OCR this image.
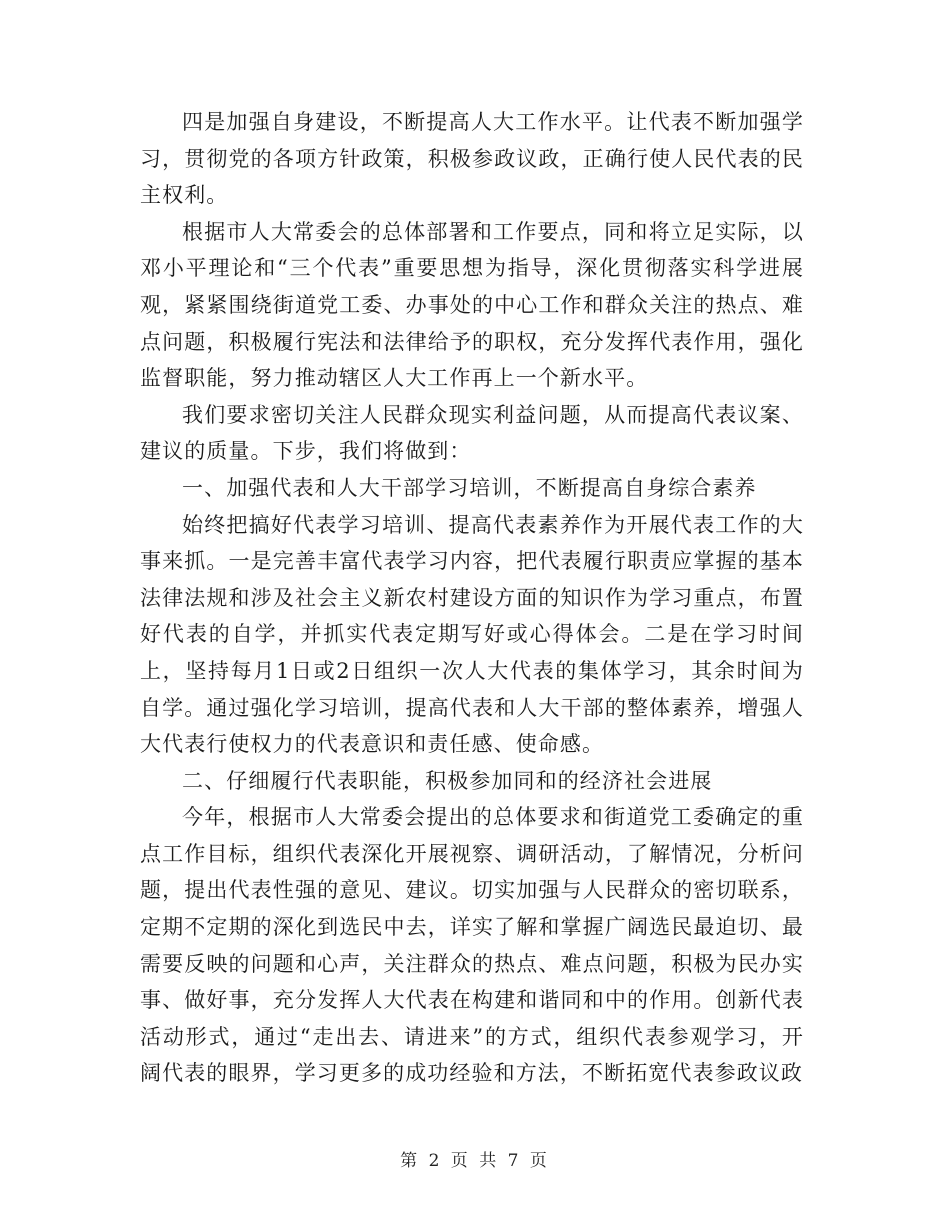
四是加强自身建设，不断提高人大工作水平。让代表不断加强学习，贯彻党的各项方针政策，积极参政议政，正确行使人民代表的民主权利。

根据市人大常委会的总体部署和工作要点，同和将立足实际，以邓小平理论和“三个代表”重要思想为指导，深化贯彻落实科学进展观，紧紧围绕街道党工委、办事处的中心工作和群众关注的热点、难点问题，积极履行宪法和法律给予的职权，充分发挥代表作用，强化监督职能，努力推动辖区人大工作再上一个新水平。

我们要求密切关注人民群众现实利益问题，从而提高代表议案、建议的质量。下步，我们将做到：

一、加强代表和人大干部学习培训，不断提高自身综合素养

始终把搞好代表学习培训、提高代表素养作为开展代表工作的大事来抓。一是完善丰富代表学习内容，把代表履行职责应掌握的基本法律法规和涉及社会主义新农村建设方面的知识作为学习重点，布置好代表的自学，并抓实代表定期写好或心得体会。二是在学习时间上，坚持每月1日或2日组织一次人大代表的集体学习，其余时间为自学。通过强化学习培训，提高代表和人大干部的整体素养，增强人大代表行使权力的代表意识和责任感、使命感。

二、仔细履行代表职能，积极参加同和的经济社会进展

今年，根据市人大常委会提出的总体要求和街道党工委确定的重点工作目标，组织代表深化开展视察、调研活动，了解情况，分析问题，提出代表性强的意见、建议。切实加强与人民群众的密切联系，定期不定期的深化到选民中去，详实了解和掌握广阔选民最迫切、最需要反映的问题和心声，关注群众的热点、难点问题，积极为民办实事、做好事，充分发挥人大代表在构建和谐同和中的作用。创新代表活动形式，通过“走出去、请进来”的方式，组织代表参观学习，开阔代表的眼界，学习更多的成功经验和方法，不断拓宽代表参政议政

第 2 页 共 7 页
